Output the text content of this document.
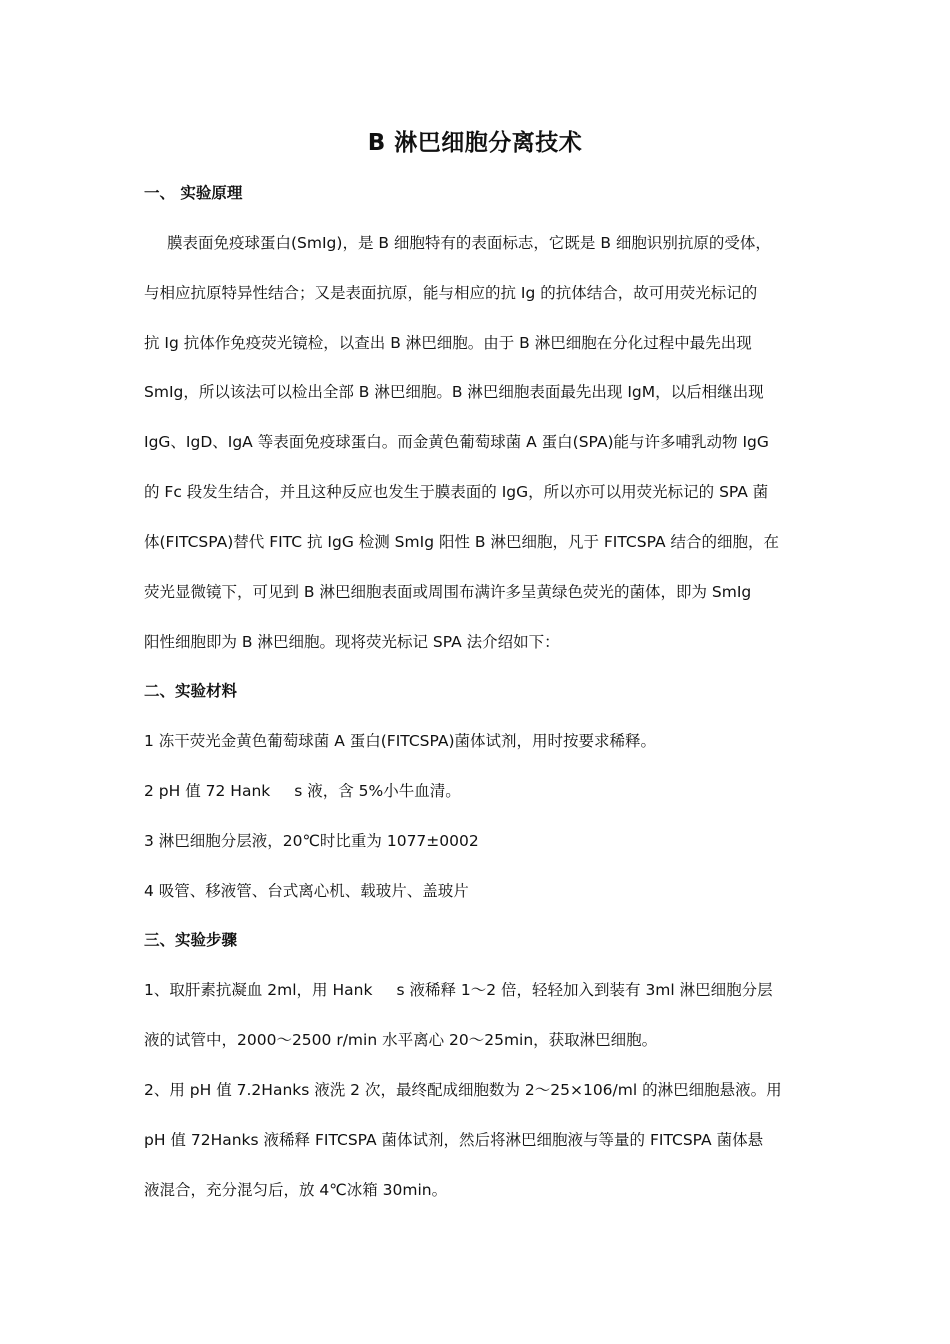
B 淋巴细胞分离技术
一、 实验原理
膜表面免疫球蛋白(SmIg)，是 B 细胞特有的表面标志，它既是 B 细胞识别抗原的受体，
与相应抗原特异性结合；又是表面抗原，能与相应的抗 Ig 的抗体结合，故可用荧光标记的
抗 Ig 抗体作免疫荧光镜检，以查出 B 淋巴细胞。由于 B 淋巴细胞在分化过程中最先出现
SmIg，所以该法可以检出全部 B 淋巴细胞。B 淋巴细胞表面最先出现 IgM，以后相继出现
IgG、IgD、IgA 等表面免疫球蛋白。而金黄色葡萄球菌 A 蛋白(SPA)能与许多哺乳动物 IgG
的 Fc 段发生结合，并且这种反应也发生于膜表面的 IgG，所以亦可以用荧光标记的 SPA 菌
体(FITCSPA)替代 FITC 抗 IgG 检测 SmIg 阳性 B 淋巴细胞，凡于 FITCSPA 结合的细胞，在
荧光显微镜下，可见到 B 淋巴细胞表面或周围布满许多呈黄绿色荧光的菌体，即为 SmIg
阳性细胞即为 B 淋巴细胞。现将荧光标记 SPA 法介绍如下：
二、实验材料
1 冻干荧光金黄色葡萄球菌 A 蛋白(FITCSPA)菌体试剂，用时按要求稀释。
2 pH 值 72 Hank s 液，含 5%小牛血清。
3 淋巴细胞分层液，20℃时比重为 1077±0002
4 吸管、移液管、台式离心机、载玻片、盖玻片
三、实验步骤
1、取肝素抗凝血 2ml，用 Hank s 液稀释 1～2 倍，轻轻加入到装有 3ml 淋巴细胞分层
液的试管中，2000～2500 r/min 水平离心 20～25min，获取淋巴细胞。
2、用 pH 值 7.2Hanks 液洗 2 次，最终配成细胞数为 2～25×106/ml 的淋巴细胞悬液。用
pH 值 72Hanks 液稀释 FITCSPA 菌体试剂，然后将淋巴细胞液与等量的 FITCSPA 菌体悬
液混合，充分混匀后，放 4℃冰箱 30min。
